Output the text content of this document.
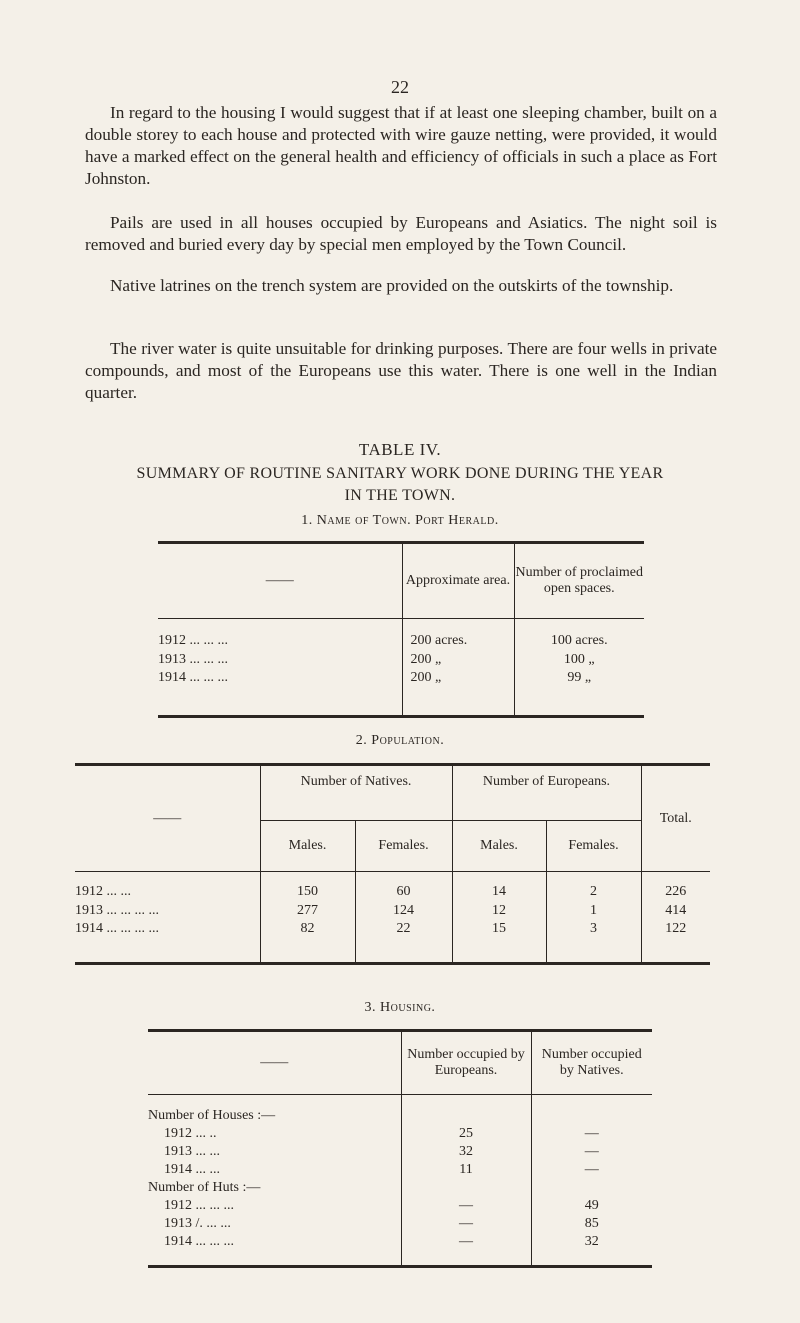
22

In regard to the housing I would suggest that if at least one sleeping chamber, built on a double storey to each house and protected with wire gauze netting, were provided, it would have a marked effect on the general health and efficiency of officials in such a place as Fort Johnston.

Pails are used in all houses occupied by Europeans and Asiatics. The night soil is removed and buried every day by special men employed by the Town Council.

Native latrines on the trench system are provided on the outskirts of the township.

The river water is quite unsuitable for drinking purposes. There are four wells in private compounds, and most of the Europeans use this water. There is one well in the Indian quarter.

TABLE IV.
SUMMARY OF ROUTINE SANITARY WORK DONE DURING THE YEAR
IN THE TOWN.
1. Name of Town. Port Herald.
——	Approximate area.	Number of proclaimed open spaces.
1912 ... ... ...	200 acres.	100 acres.
1913 ... ... ...	200 „	100 „
1914 ... ... ...	200 „	99 „
2. Population.
——	Number of Natives.		Number of Europeans.		Total.
	Males.	Females.	Males.	Females.	
1912 ... ...	150	60	14	2	226
1913 ... ... ... ...	277	124	12	1	414
1914 ... ... ... ...	82	22	15	3	122
3. Housing.
——	Number occupied by Europeans.	Number occupied by Natives.
Number of Houses :—		
1912 ... ..	25	—
1913 ... ...	32	—
1914 ... ...	11	—
Number of Huts :—		
1912 ... ... ...	—	49
1913 /. ... ...	—	85
1914 ... ... ...	—	32
